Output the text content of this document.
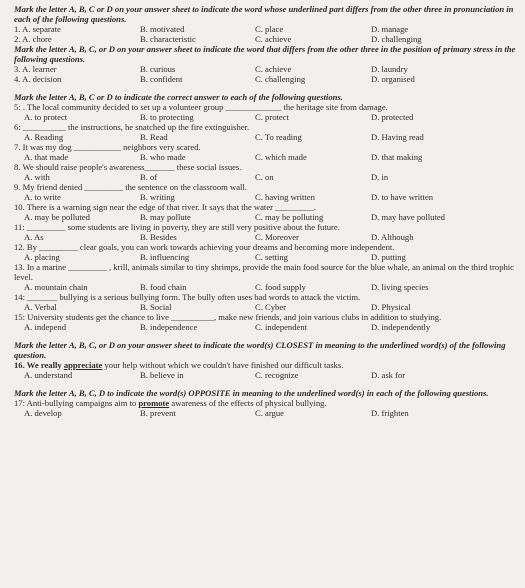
Mark the letter A, B, C or D on your answer sheet to indicate the word whose underlined part differs from the other three in pronunciation in each of the following questions.

1. A. separate	B. motivated	C. place	D. manage
2. A. chore	B. characteristic	C. achieve	D. challenging

Mark the letter A, B, C, or D on your answer sheet to indicate the word that differs from the other three in the position of primary stress in the following questions.

3. A. learner	B. curious	C. achieve	D. laundry
4. A. decision	B. confident	C. challenging	D. organised

Mark the letter A, B, C or D to indicate the correct answer to each of the following questions.

5: . The local community decided to set up a volunteer group _____________ the heritage site from damage.

A. to protect	B. to protecting	C. protect	D. protected

6: __________ the instructions, he snatched up the fire extinguisher.

A. Reading	B. Read	C. To reading	D. Having read

7. It was my dog ___________ neighbors very scared.

A. that made	B. who made	C. which made	D. that making

8. We should raise people's awareness_______ these social issues.

A. with	B. of	C. on	D. in

9. My friend denied _________ the sentence on the classroom wall.

A. to write	B. writing	C. having written	D. to have written

10. There is a warning sign near the edge of that river. It says that the water _________.

A. may be polluted	B. may pollute	C. may be polluting	D. may have polluted

11: _________ some students are living in poverty, they are still very positive about the future.

A. As	B. Besides	C. Moreover	D. Although

12. By _________ clear goals, you can work towards achieving your dreams and becoming more independent.

A. placing	B. influencing	C. setting	D. putting

13. In a marine _________ , krill, animals similar to tiny shrimps, provide the main food source for the blue whale, an animal on the third trophic level.

A. mountain chain	B. food chain	C. food supply	D. living species

14: _______ bullying is a serious bullying form. The bully often uses bad words to attack the victim.

A. Verbal	B. Social	C. Cyber	D. Physical

15: University students get the chance to live __________, make new friends, and join various clubs in addition to studying.

A. independ	B. independence	C. independent	D. independently

Mark the letter A, B, C, or D on your answer sheet to indicate the word(s) CLOSEST in meaning to the underlined word(s) of the following question.

16. We really appreciate your help without which we couldn't have finished our difficult tasks.

A. understand	B. believe in	C. recognize	D. ask for

Mark the letter A, B, C, D to indicate the word(s) OPPOSITE in meaning to the underlined word(s) in each of the following questions.

17: Anti-bullying campaigns aim to promote awareness of the effects of physical bullying.

A. develop	B. prevent	C. argue	D. frighten
